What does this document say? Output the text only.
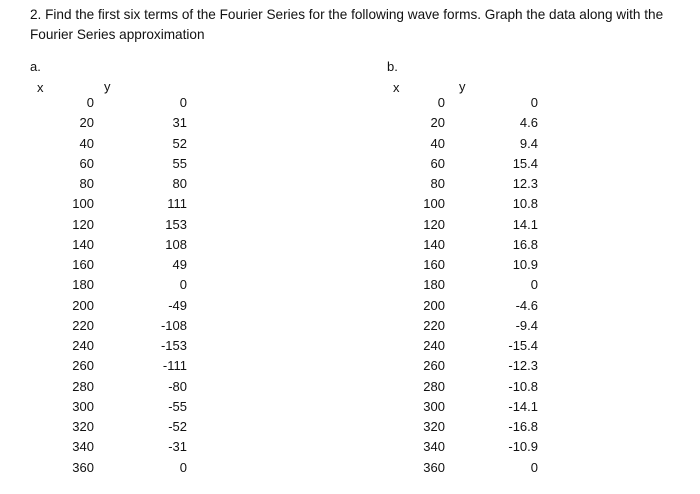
2. Find the first six terms of the Fourier Series for the following wave forms. Graph the data along with the Fourier Series approximation

a.
x	y
0	0
20	31
40	52
60	55
80	80
100	111
120	153
140	108
160	49
180	0
200	-49
220	-108
240	-153
260	-111
280	-80
300	-55
320	-52
340	-31
360	0
b.
x	y
0	0
20	4.6
40	9.4
60	15.4
80	12.3
100	10.8
120	14.1
140	16.8
160	10.9
180	0
200	-4.6
220	-9.4
240	-15.4
260	-12.3
280	-10.8
300	-14.1
320	-16.8
340	-10.9
360	0
